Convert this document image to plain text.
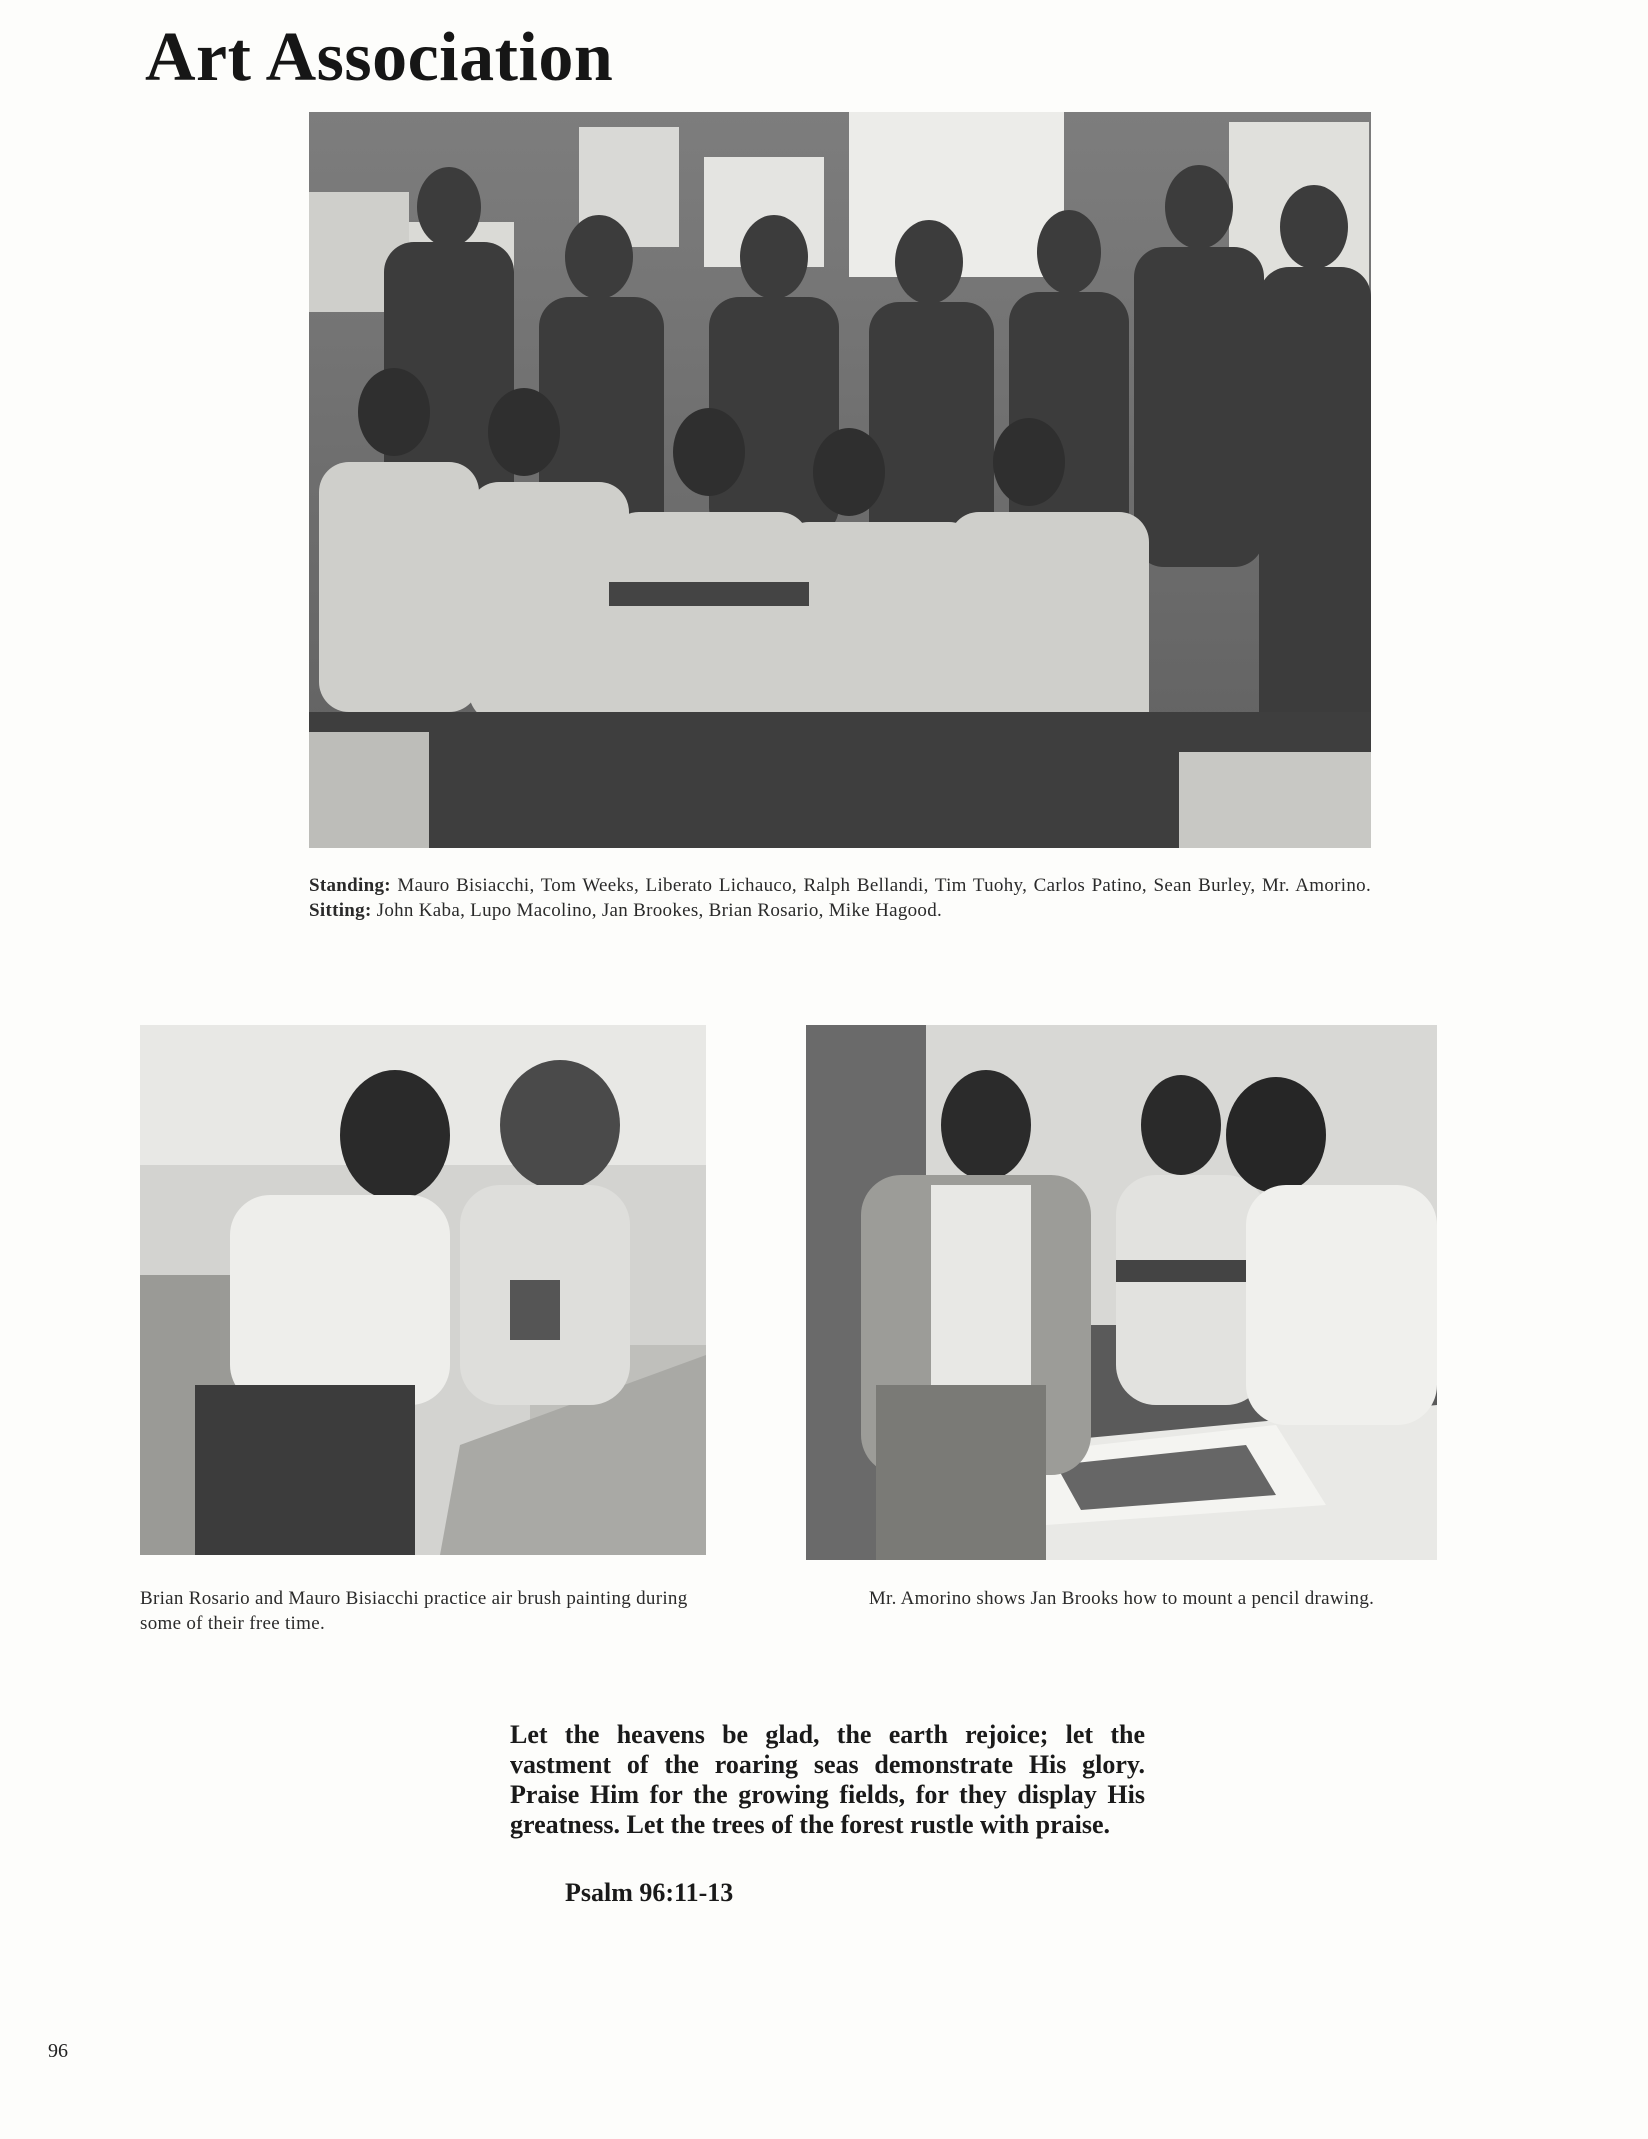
Art Association
Standing: Mauro Bisiacchi, Tom Weeks, Liberato Lichauco, Ralph Bellandi, Tim Tuohy, Carlos Patino, Sean Burley, Mr. Amorino. Sitting: John Kaba, Lupo Macolino, Jan Brookes, Brian Rosario, Mike Hagood.
Brian Rosario and Mauro Bisiacchi practice air brush painting during some of their free time.
Mr. Amorino shows Jan Brooks how to mount a pencil drawing.
Let the heavens be glad, the earth rejoice; let the vastment of the roaring seas demonstrate His glory. Praise Him for the growing fields, for they display His greatness. Let the trees of the forest rustle with praise.
Psalm 96:11-13
96
